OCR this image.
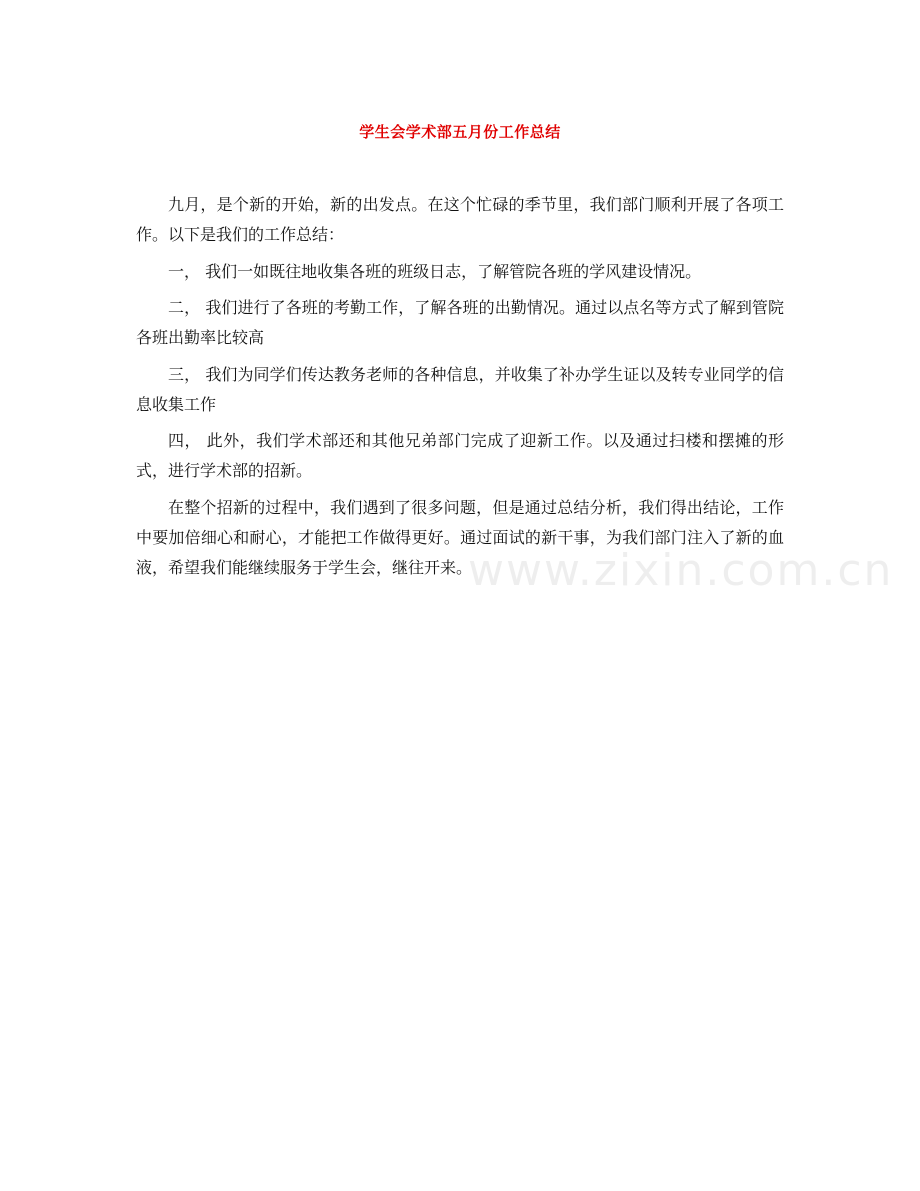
学生会学术部五月份工作总结

九月，是个新的开始，新的出发点。在这个忙碌的季节里，我们部门顺利开展了各项工作。以下是我们的工作总结：

一， 我们一如既往地收集各班的班级日志，了解管院各班的学风建设情况。

二， 我们进行了各班的考勤工作，了解各班的出勤情况。通过以点名等方式了解到管院各班出勤率比较高

三， 我们为同学们传达教务老师的各种信息，并收集了补办学生证以及转专业同学的信息收集工作

四， 此外，我们学术部还和其他兄弟部门完成了迎新工作。以及通过扫楼和摆摊的形式，进行学术部的招新。

在整个招新的过程中，我们遇到了很多问题，但是通过总结分析，我们得出结论，工作中要加倍细心和耐心，才能把工作做得更好。通过面试的新干事，为我们部门注入了新的血液，希望我们能继续服务于学生会，继往开来。

www.zixin.com.cn
